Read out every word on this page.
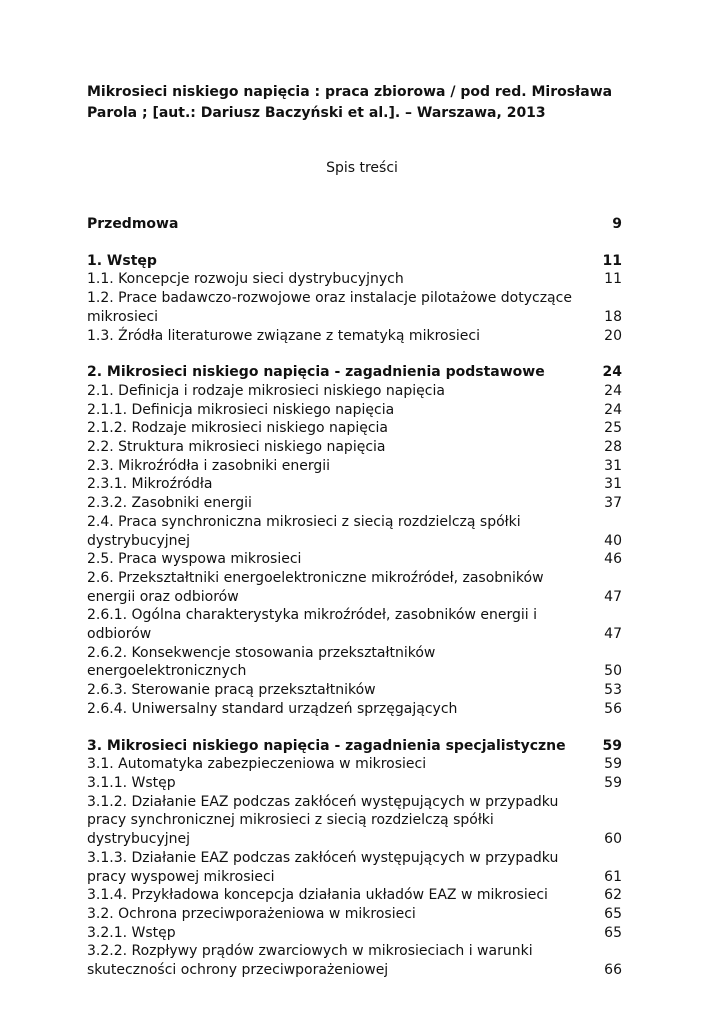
Mikrosieci niskiego napięcia : praca zbiorowa / pod red. Mirosława
Parola ; [aut.: Dariusz Baczyński et al.]. – Warszawa, 2013
Spis treści
Przedmowa	9
1. Wstęp	11
1.1. Koncepcje rozwoju sieci dystrybucyjnych	11
1.2. Prace badawczo-rozwojowe oraz instalacje pilotażowe dotyczące mikrosieci	18
1.3. Źródła literaturowe związane z tematyką mikrosieci	20
2. Mikrosieci niskiego napięcia - zagadnienia podstawowe	24
2.1. Definicja i rodzaje mikrosieci niskiego napięcia	24
2.1.1. Definicja mikrosieci niskiego napięcia	24
2.1.2. Rodzaje mikrosieci niskiego napięcia	25
2.2. Struktura mikrosieci niskiego napięcia	28
2.3. Mikroźródła i zasobniki energii	31
2.3.1. Mikroźródła	31
2.3.2. Zasobniki energii	37
2.4. Praca synchroniczna mikrosieci z siecią rozdzielczą spółki dystrybucyjnej	40
2.5. Praca wyspowa mikrosieci	46
2.6. Przekształtniki energoelektroniczne mikroźródeł, zasobników energii oraz odbiorów	47
2.6.1. Ogólna charakterystyka mikroźródeł, zasobników energii i odbiorów	47
2.6.2. Konsekwencje stosowania przekształtników energoelektronicznych	50
2.6.3. Sterowanie pracą przekształtników	53
2.6.4. Uniwersalny standard urządzeń sprzęgających	56
3. Mikrosieci niskiego napięcia - zagadnienia specjalistyczne	59
3.1. Automatyka zabezpieczeniowa w mikrosieci	59
3.1.1. Wstęp	59
3.1.2. Działanie EAZ podczas zakłóceń występujących w przypadku pracy synchronicznej mikrosieci z siecią rozdzielczą spółki dystrybucyjnej	60
3.1.3. Działanie EAZ podczas zakłóceń występujących w przypadku pracy wyspowej mikrosieci	61
3.1.4. Przykładowa koncepcja działania układów EAZ w mikrosieci	62
3.2. Ochrona przeciwporażeniowa w mikrosieci	65
3.2.1. Wstęp	65
3.2.2. Rozpływy prądów zwarciowych w mikrosieciach i warunki skuteczności ochrony przeciwporażeniowej	66
